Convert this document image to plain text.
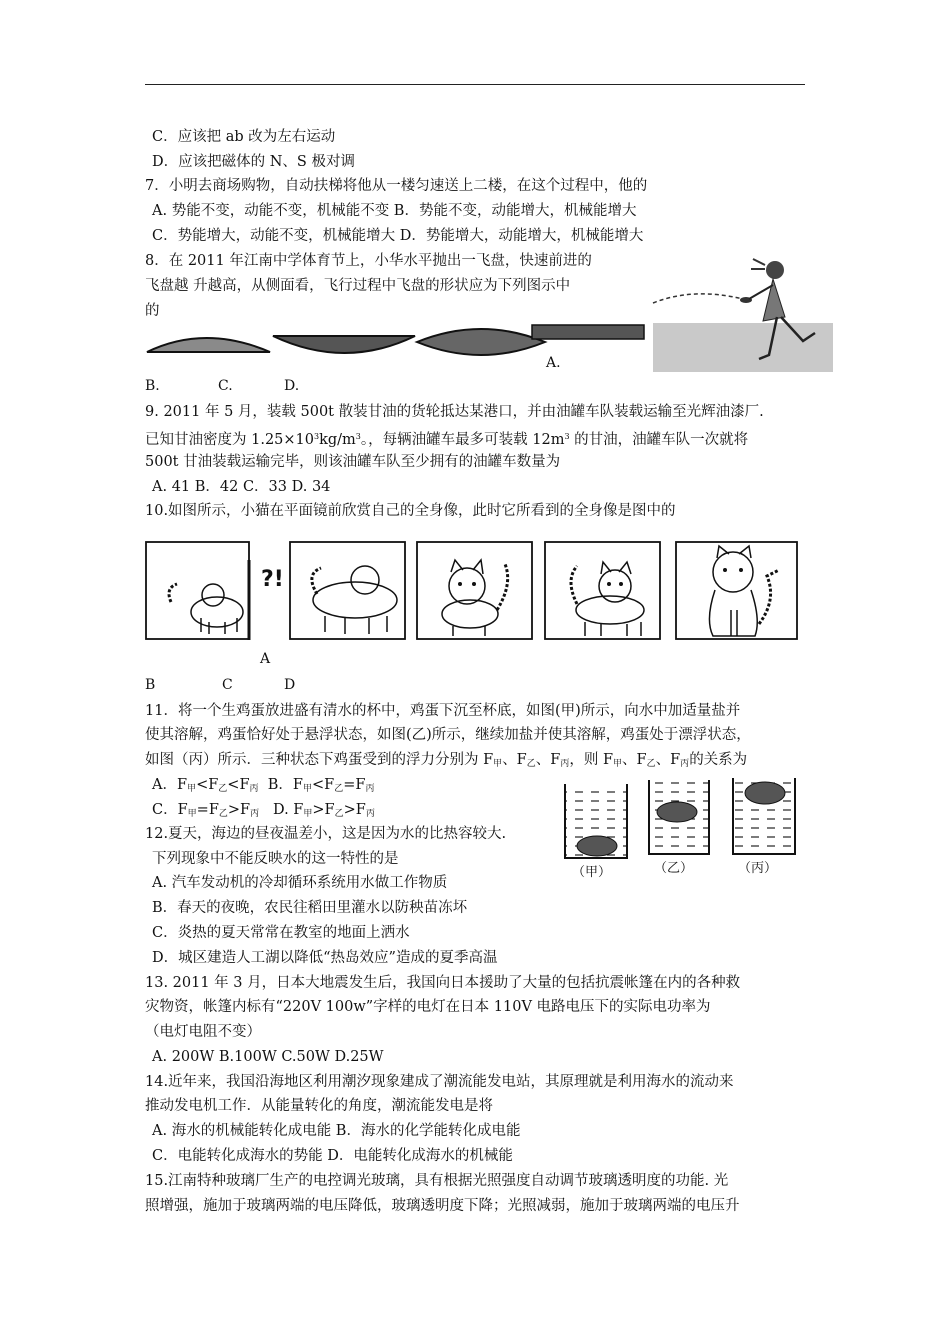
C．应该把 ab 改为左右运动
D．应该把磁体的 N、S 极对调
7．小明去商场购物，自动扶梯将他从一楼匀速送上二楼，在这个过程中，他的
A. 势能不变，动能不变，机械能不变 B．势能不变，动能增大，机械能增大
C．势能增大，动能不变，机械能增大 D．势能增大，动能增大，机械能增大
8．在 2011 年江南中学体育节上，小华水平抛出一飞盘，快速前进的
飞盘越 升越高，从侧面看，飞行过程中飞盘的形状应为下列图示中
的
A.
B.	C.	D.
9. 2011 年 5 月，装载 500t 散装甘油的货轮抵达某港口，并由油罐车队装载运输至光辉油漆厂.
已知甘油密度为 $1.25\times 10^3kg/m^3$。，每辆油罐车最多可装载 $12m^3$ 的甘油，油罐车队一次就将
500t 甘油装载运输完毕，则该油罐车队至少拥有的油罐车数量为
A. 41 B．42 C．33 D. 34
10.如图所示，小猫在平面镜前欣赏自己的全身像，此时它所看到的全身像是图中的
?!
A
B	C	D
11．将一个生鸡蛋放进盛有清水的杯中，鸡蛋下沉至杯底，如图(甲)所示，向水中加适量盐并
使其溶解，鸡蛋恰好处于悬浮状态，如图(乙)所示，继续加盐并使其溶解，鸡蛋处于漂浮状态，
如图（丙）所示．三种状态下鸡蛋受到的浮力分别为 $F_甲$、$F_乙$、$F_丙$，则 $F_甲$、$F_乙$、$F_丙$的关系为
A．$F_甲<F_乙<F_丙$ B．$F_甲<F_乙=F_丙$
C．$F_甲=F_乙>F_丙$ D. $F_甲>F_乙>F_丙$
（甲）	（乙）	（丙）
12.夏天，海边的昼夜温差小，这是因为水的比热容较大.
下列现象中不能反映水的这一特性的是
A. 汽车发动机的冷却循环系统用水做工作物质
B．春天的夜晚，农民往稻田里灌水以防秧苗冻坏
C．炎热的夏天常常在教室的地面上洒水
D．城区建造人工湖以降低“热岛效应”造成的夏季高温
13. 2011 年 3 月，日本大地震发生后，我国向日本援助了大量的包括抗震帐篷在内的各种救
灾物资，帐篷内标有“220V 100w”字样的电灯在日本 110V 电路电压下的实际电功率为
（电灯电阻不变）
A. 200W B.100W C.50W D.25W
14.近年来，我国沿海地区利用潮汐现象建成了潮流能发电站，其原理就是利用海水的流动来
推动发电机工作．从能量转化的角度，潮流能发电是将
A. 海水的机械能转化成电能 B．海水的化学能转化成电能
C．电能转化成海水的势能 D．电能转化成海水的机械能
15.江南特种玻璃厂生产的电控调光玻璃，具有根据光照强度自动调节玻璃透明度的功能. 光
照增强，施加于玻璃两端的电压降低，玻璃透明度下降；光照减弱，施加于玻璃两端的电压升
